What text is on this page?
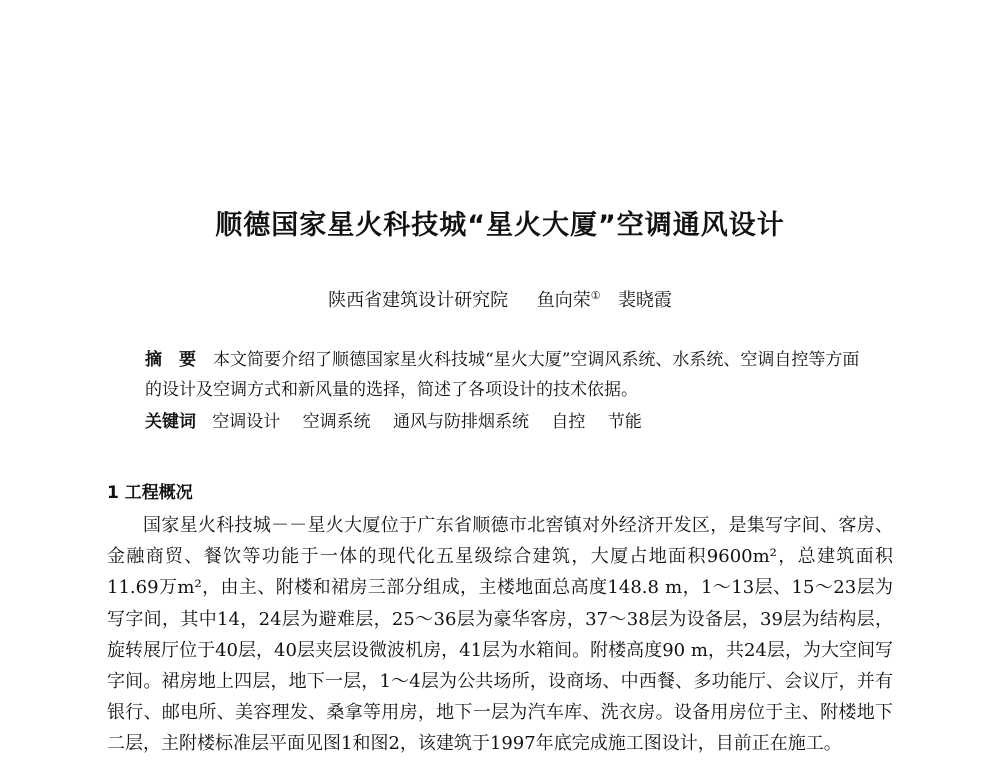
顺德国家星火科技城“星火大厦”空调通风设计
陕西省建筑设计研究院 鱼向荣① 裴晓霞
摘　要　 本文简要介绍了顺德国家星火科技城“星火大厦”空调风系统、水系统、空调自控等方面的设计及空调方式和新风量的选择，简述了各项设计的技术依据。
关键词 空调设计　 空调系统　 通风与防排烟系统　 自控　 节能
1 工程概况

国家星火科技城－－星火大厦位于广东省顺德市北窖镇对外经济开发区，是集写字间、客房、金融商贸、餐饮等功能于一体的现代化五星级综合建筑，大厦占地面积9600m²，总建筑面积11.69万m²，由主、附楼和裙房三部分组成，主楼地面总高度148.8 m，1～13层、15～23层为写字间，其中14，24层为避难层，25～36层为豪华客房，37～38层为设备层，39层为结构层，旋转展厅位于40层，40层夹层设微波机房，41层为水箱间。附楼高度90 m，共24层，为大空间写字间。裙房地上四层，地下一层，1～4层为公共场所，设商场、中西餐、多功能厅、会议厅，并有银行、邮电所、美容理发、桑拿等用房，地下一层为汽车库、洗衣房。设备用房位于主、附楼地下二层，主附楼标准层平面见图1和图2，该建筑于1997年底完成施工图设计，目前正在施工。
